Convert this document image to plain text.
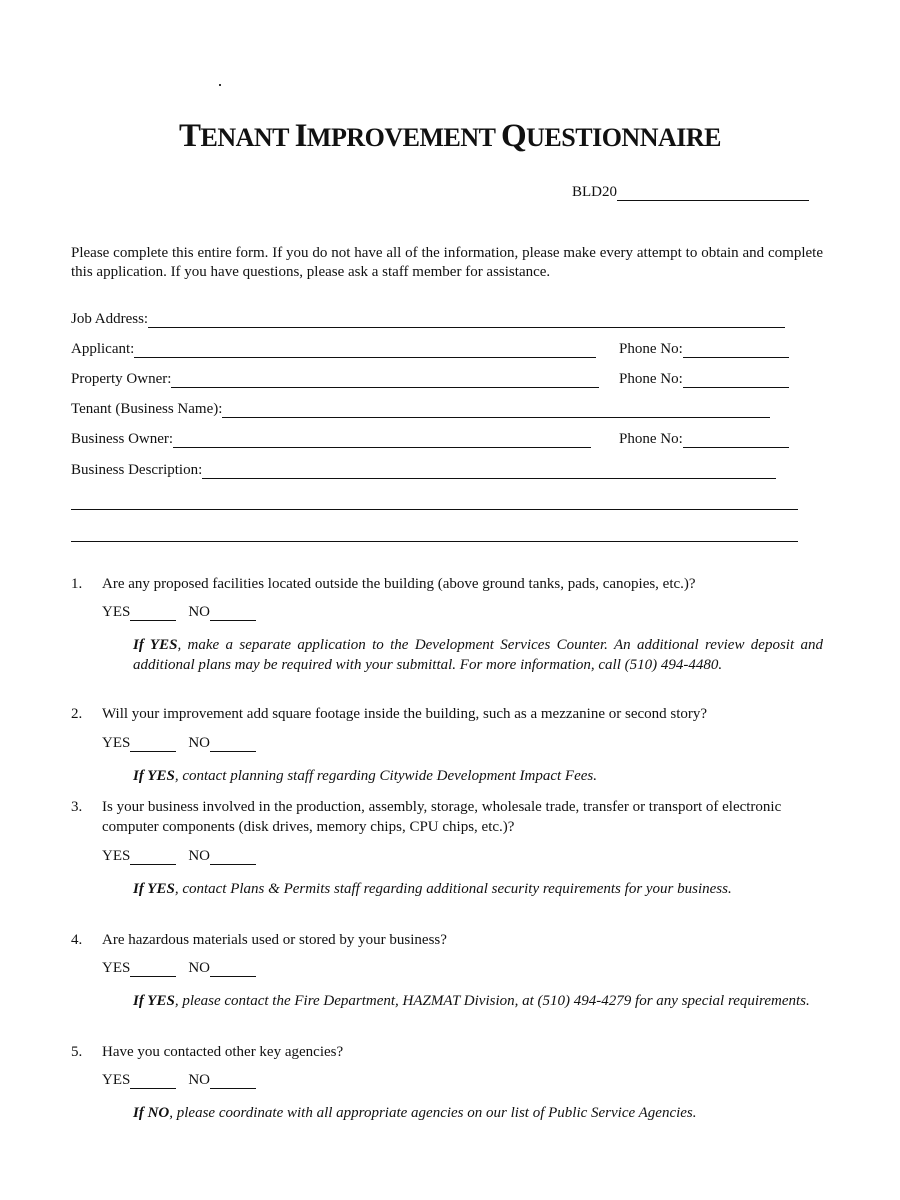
TENANT IMPROVEMENT QUESTIONNAIRE
BLD20
Please complete this entire form. If you do not have all of the information, please make every attempt to obtain and complete this application. If you have questions, please ask a staff member for assistance.
Job Address:
Applicant:	Phone No:
Property Owner:	Phone No:
Tenant (Business Name):
Business Owner:	Phone No:
Business Description:
1. Are any proposed facilities located outside the building (above ground tanks, pads, canopies, etc.)?
YES	NO
If YES, make a separate application to the Development Services Counter. An additional review deposit and additional plans may be required with your submittal. For more information, call (510) 494-4480.
2. Will your improvement add square footage inside the building, such as a mezzanine or second story?
YES	NO
If YES, contact planning staff regarding Citywide Development Impact Fees.
3. Is your business involved in the production, assembly, storage, wholesale trade, transfer or transport of electronic computer components (disk drives, memory chips, CPU chips, etc.)?
YES	NO
If YES, contact Plans & Permits staff regarding additional security requirements for your business.
4. Are hazardous materials used or stored by your business?
YES	NO
If YES, please contact the Fire Department, HAZMAT Division, at (510) 494-4279 for any special requirements.
5. Have you contacted other key agencies?
YES	NO
If NO, please coordinate with all appropriate agencies on our list of Public Service Agencies.
